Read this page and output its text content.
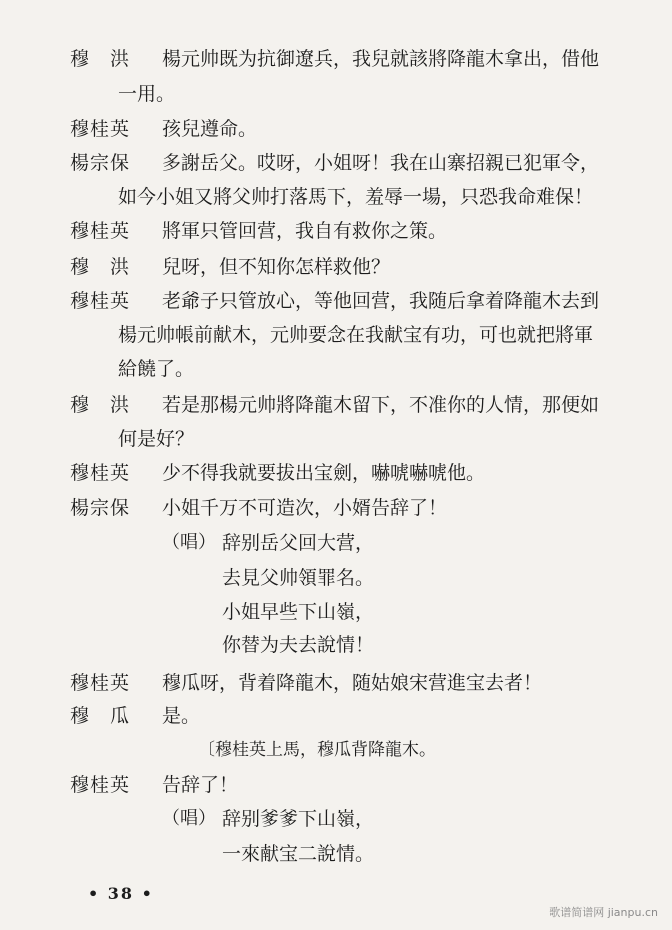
穆　洪 楊元帅既为抗御遼兵，我兒就該將降龍木拿出，借他
一用。
穆桂英 孩兒遵命。
楊宗保 多謝岳父。哎呀，小姐呀！我在山寨招親已犯軍令，
如今小姐又將父帅打落馬下，羞辱一場，只恐我命难保！
穆桂英 將軍只管回营，我自有救你之策。
穆　洪 兒呀，但不知你怎样救他？
穆桂英 老爺子只管放心，等他回营，我随后拿着降龍木去到
楊元帅帳前献木，元帅要念在我献宝有功，可也就把將軍
給饒了。
穆　洪 若是那楊元帅將降龍木留下，不准你的人情，那便如
何是好？
穆桂英 少不得我就要拔出宝劍，嚇唬嚇唬他。
楊宗保 小姐千万不可造次，小婿告辞了！
（唱） 辞别岳父回大营，
去見父帅領罪名。
小姐早些下山嶺，
你替为夫去說情！
穆桂英 穆瓜呀，背着降龍木，随姑娘宋营進宝去者！
穆　瓜 是。
〔穆桂英上馬，穆瓜背降龍木。
穆桂英 告辞了！
（唱） 辞别爹爹下山嶺，
一來献宝二說情。
• 38 •
歌谱简谱网 jianpu.cn
